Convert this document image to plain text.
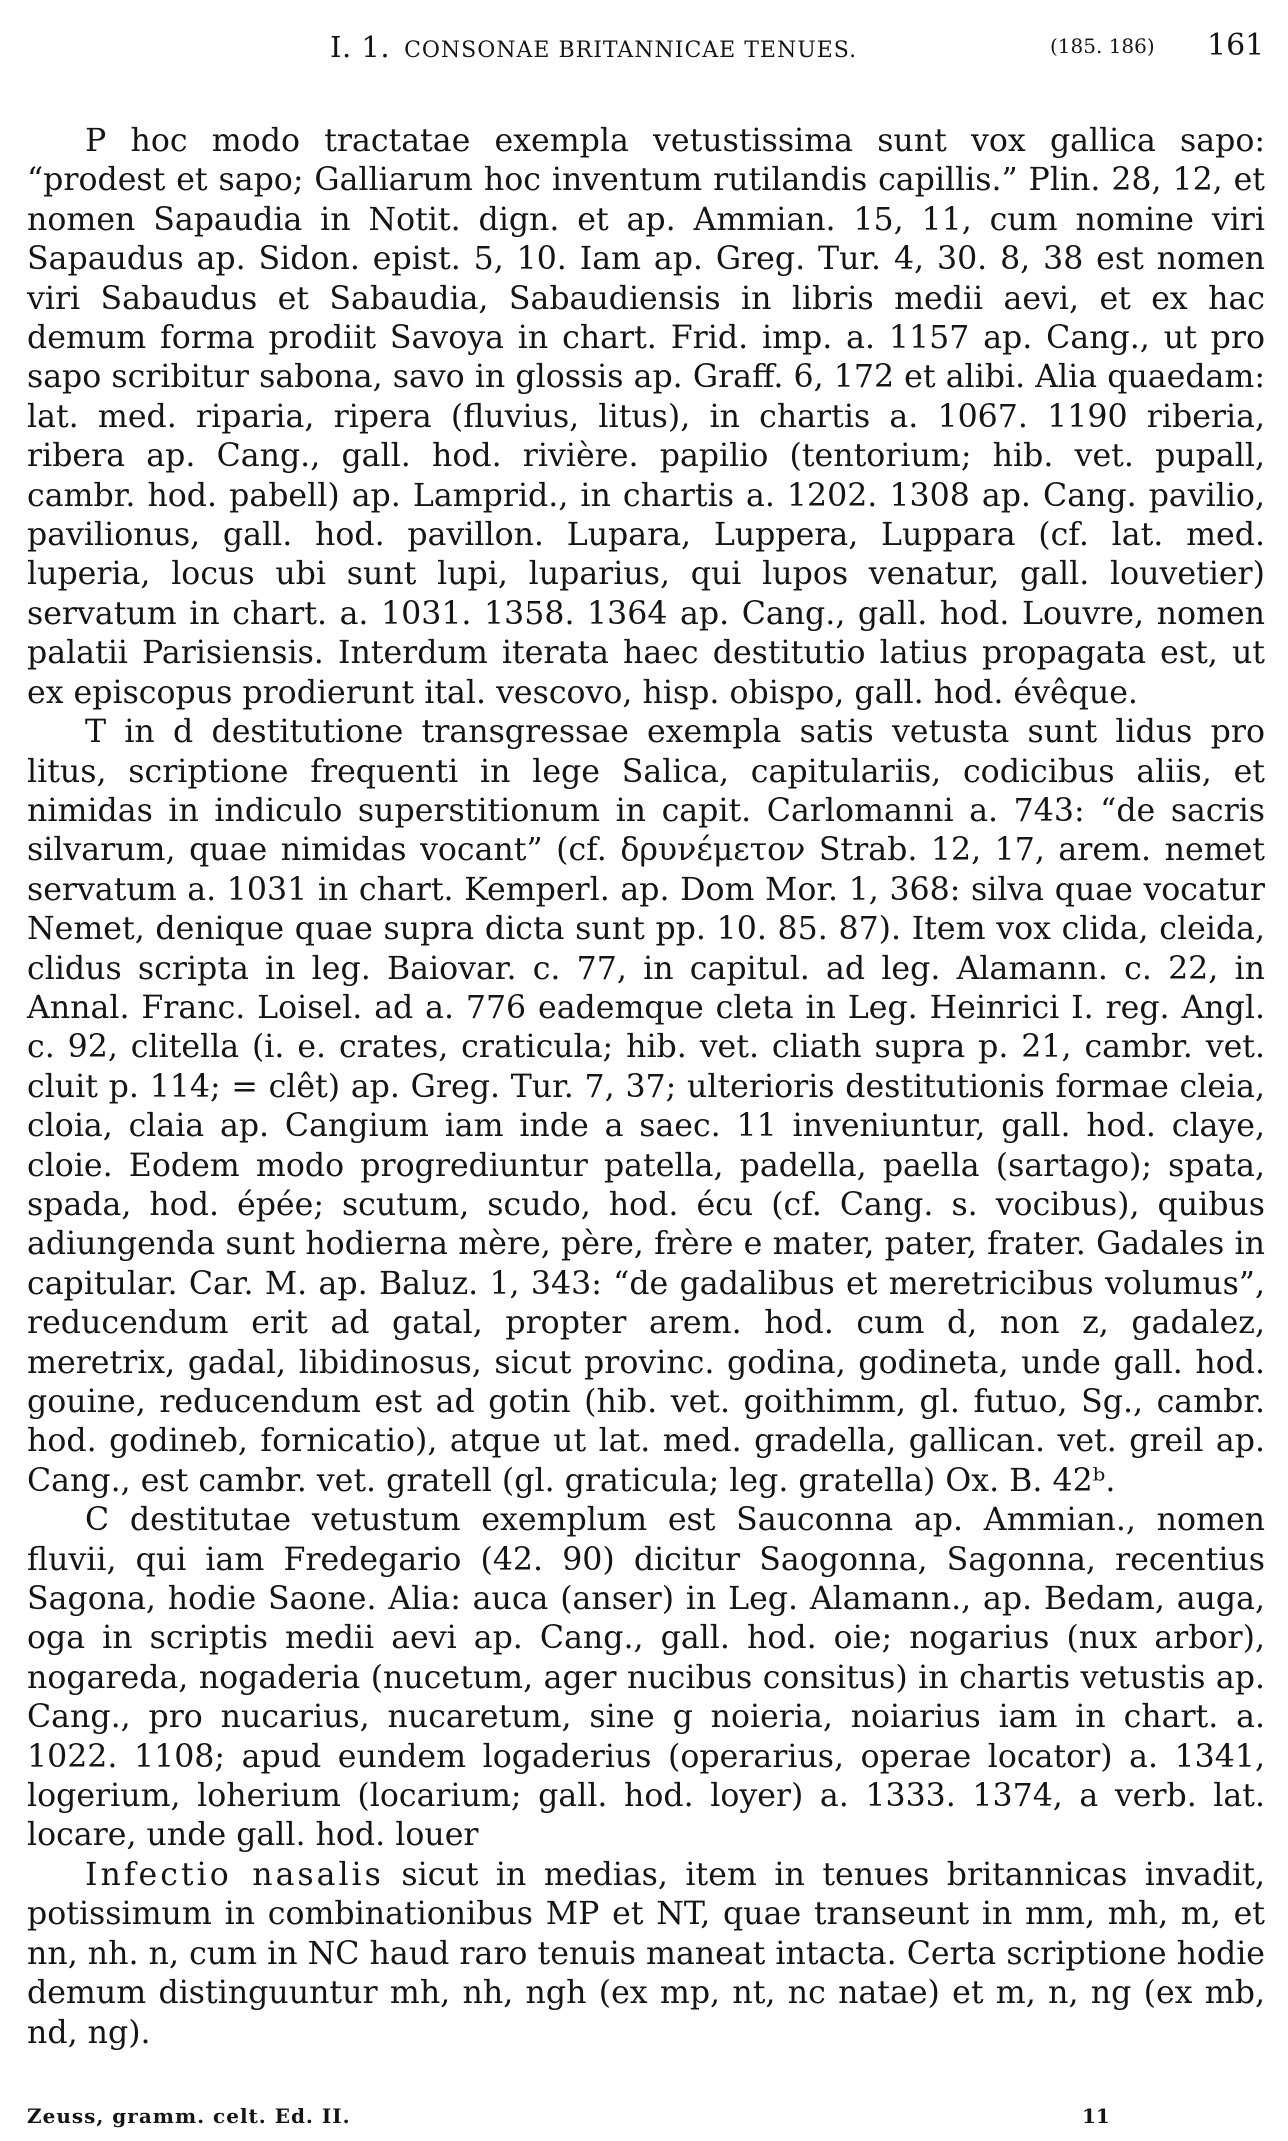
I. 1. CONSONAE BRITANNICAE TENUES.	(185. 186) 161

P hoc modo tractatae exempla vetustissima sunt vox gallica sapo: “prodest et sapo; Galliarum hoc inventum rutilandis capillis.” Plin. 28, 12, et nomen Sapaudia in Notit. dign. et ap. Ammian. 15, 11, cum nomine viri Sapaudus ap. Sidon. epist. 5, 10. Iam ap. Greg. Tur. 4, 30. 8, 38 est nomen viri Sabaudus et Sabaudia, Sabaudiensis in libris medii aevi, et ex hac demum forma prodiit Savoya in chart. Frid. imp. a. 1157 ap. Cang., ut pro sapo scribitur sabona, savo in glossis ap. Graff. 6, 172 et alibi. Alia quaedam: lat. med. riparia, ripera (fluvius, litus), in chartis a. 1067. 1190 riberia, ribera ap. Cang., gall. hod. rivière. papilio (tentorium; hib. vet. pupall, cambr. hod. pabell) ap. Lamprid., in chartis a. 1202. 1308 ap. Cang. pavilio, pavilionus, gall. hod. pavillon. Lupara, Luppera, Luppara (cf. lat. med. luperia, locus ubi sunt lupi, luparius, qui lupos venatur, gall. louvetier) servatum in chart. a. 1031. 1358. 1364 ap. Cang., gall. hod. Louvre, nomen palatii Parisiensis. Interdum iterata haec destitutio latius propagata est, ut ex episcopus prodierunt ital. vescovo, hisp. obispo, gall. hod. évêque.

T in d destitutione transgressae exempla satis vetusta sunt lidus pro litus, scriptione frequenti in lege Salica, capitulariis, codicibus aliis, et nimidas in indiculo superstitionum in capit. Carlomanni a. 743: “de sacris silvarum, quae nimidas vocant” (cf. δρυνέμετον Strab. 12, 17, arem. nemet servatum a. 1031 in chart. Kemperl. ap. Dom Mor. 1, 368: silva quae vocatur Nemet, denique quae supra dicta sunt pp. 10. 85. 87). Item vox clida, cleida, clidus scripta in leg. Baiovar. c. 77, in capitul. ad leg. Alamann. c. 22, in Annal. Franc. Loisel. ad a. 776 eademque cleta in Leg. Heinrici I. reg. Angl. c. 92, clitella (i. e. crates, craticula; hib. vet. cliath supra p. 21, cambr. vet. cluit p. 114; = clêt) ap. Greg. Tur. 7, 37; ulterioris destitutionis formae cleia, cloia, claia ap. Cangium iam inde a saec. 11 inveniuntur, gall. hod. claye, cloie. Eodem modo progrediuntur patella, padella, paella (sartago); spata, spada, hod. épée; scutum, scudo, hod. écu (cf. Cang. s. vocibus), quibus adiungenda sunt hodierna mère, père, frère e mater, pater, frater. Gadales in capitular. Car. M. ap. Baluz. 1, 343: “de gadalibus et meretricibus volumus”, reducendum erit ad gatal, propter arem. hod. cum d, non z, gadalez, meretrix, gadal, libidinosus, sicut provinc. godina, godineta, unde gall. hod. gouine, reducendum est ad gotin (hib. vet. goithimm, gl. futuo, Sg., cambr. hod. godineb, fornicatio), atque ut lat. med. gradella, gallican. vet. greil ap. Cang., est cambr. vet. gratell (gl. graticula; leg. gratella) Ox. B. 42ᵇ.

C destitutae vetustum exemplum est Sauconna ap. Ammian., nomen fluvii, qui iam Fredegario (42. 90) dicitur Saogonna, Sagonna, recentius Sagona, hodie Saone. Alia: auca (anser) in Leg. Alamann., ap. Bedam, auga, oga in scriptis medii aevi ap. Cang., gall. hod. oie; nogarius (nux arbor), nogareda, nogaderia (nucetum, ager nucibus consitus) in chartis vetustis ap. Cang., pro nucarius, nucaretum, sine g noieria, noiarius iam in chart. a. 1022. 1108; apud eundem logaderius (operarius, operae locator) a. 1341, logerium, loherium (locarium; gall. hod. loyer) a. 1333. 1374, a verb. lat. locare, unde gall. hod. louer

Infectio nasalis sicut in medias, item in tenues britannicas invadit, potissimum in combinationibus MP et NT, quae transeunt in mm, mh, m, et nn, nh. n, cum in NC haud raro tenuis maneat intacta. Certa scriptione hodie demum distinguuntur mh, nh, ngh (ex mp, nt, nc natae) et m, n, ng (ex mb, nd, ng).

Zeuss, gramm. celt. Ed. II.	11
